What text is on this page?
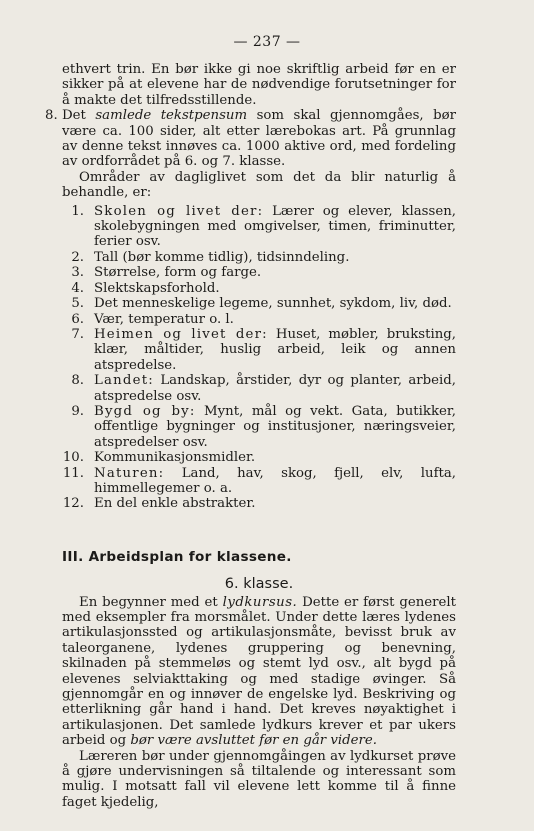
— 237 —

ethvert trin. En bør ikke gi noe skriftlig arbeid før en er sikker på at elevene har de nødvendige forutsetninger for å makte det tilfredsstillende.

8. Det samlede tekstpensum som skal gjennomgåes, bør være ca. 100 sider, alt etter lærebokas art. På grunnlag av denne tekst innøves ca. 1000 aktive ord, med fordeling av ordforrådet på 6. og 7. klasse.

Områder av dagliglivet som det da blir naturlig å behandle, er:

1. Skolen og livet der: Lærer og elever, klassen, skolebygningen med omgivelser, timen, friminutter, ferier osv.
2. Tall (bør komme tidlig), tidsinndeling.
3. Størrelse, form og farge.
4. Slektskapsforhold.
5. Det menneskelige legeme, sunnhet, sykdom, liv, død.
6. Vær, temperatur o. l.
7. Heimen og livet der: Huset, møbler, bruksting, klær, måltider, huslig arbeid, leik og annen atspredelse.
8. Landet: Landskap, årstider, dyr og planter, arbeid, atspredelse osv.
9. Bygd og by: Mynt, mål og vekt. Gata, butikker, offentlige bygninger og institusjoner, næringsveier, atspredelser osv.
10. Kommunikasjonsmidler.
11. Naturen: Land, hav, skog, fjell, elv, lufta, himmellegemer o. a.
12. En del enkle abstrakter.
III. Arbeidsplan for klassene.
6. klasse.

En begynner med et lydkursus. Dette er først generelt med eksempler fra morsmålet. Under dette læres lydenes artikulasjonssted og artikulasjonsmåte, bevisst bruk av taleorganene, lydenes gruppering og benevning, skilnaden på stemmeløs og stemt lyd osv., alt bygd på elevenes selviakttaking og med stadige øvinger. Så gjennomgår en og innøver de engelske lyd. Beskriving og etterlikning går hand i hand. Det kreves nøyaktighet i artikulasjonen. Det samlede lydkurs krever et par ukers arbeid og bør være avsluttet før en går videre.

Læreren bør under gjennomgåingen av lydkurset prøve å gjøre undervisningen så tiltalende og interessant som mulig. I motsatt fall vil elevene lett komme til å finne faget kjedelig,
